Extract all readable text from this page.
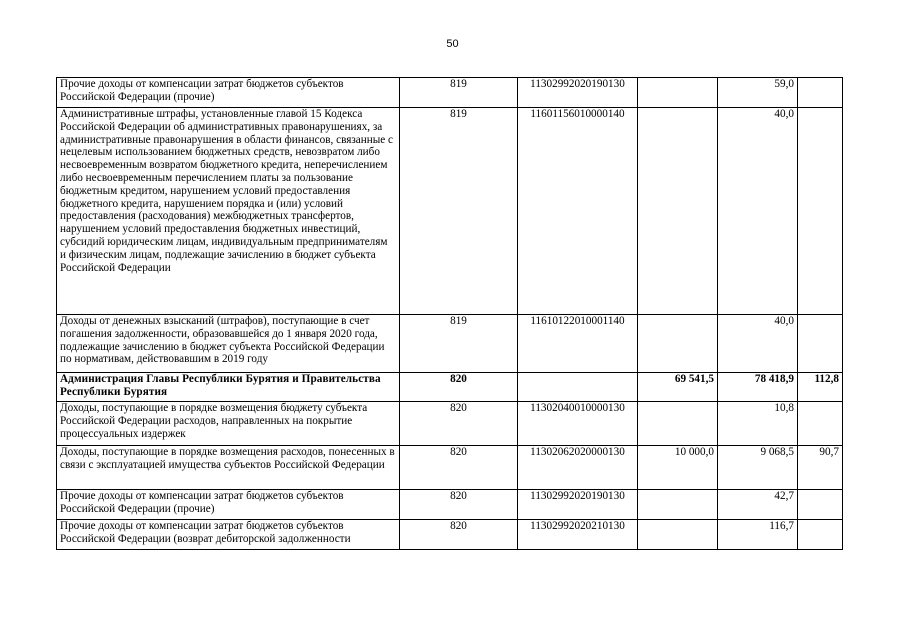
50
Прочие доходы от компенсации затрат бюджетов субъектов Российской Федерации (прочие)	819	11302992020190130		59,0	
Административные штрафы, установленные главой 15 Кодекса Российской Федерации об административных правонарушениях, за административные правонарушения в области финансов, связанные с нецелевым использованием бюджетных средств, невозвратом либо несвоевременным возвратом бюджетного кредита, неперечислением либо несвоевременным перечислением платы за пользование бюджетным кредитом, нарушением условий предоставления бюджетного кредита, нарушением порядка и (или) условий предоставления (расходования) межбюджетных трансфертов, нарушением условий предоставления бюджетных инвестиций, субсидий юридическим лицам, индивидуальным предпринимателям и физическим лицам, подлежащие зачислению в бюджет субъекта Российской Федерации	819	11601156010000140		40,0	
Доходы от денежных взысканий (штрафов), поступающие в счет погашения задолженности, образовавшейся до 1 января 2020 года, подлежащие зачислению в бюджет субъекта Российской Федерации по нормативам, действовавшим в 2019 году	819	11610122010001140		40,0	
Администрация Главы Республики Бурятия и Правительства Республики Бурятия	820		69 541,5	78 418,9	112,8
Доходы, поступающие в порядке возмещения бюджету субъекта Российской Федерации расходов, направленных на покрытие процессуальных издержек	820	11302040010000130		10,8	
Доходы, поступающие в порядке возмещения расходов, понесенных в связи с эксплуатацией имущества субъектов Российской Федерации	820	11302062020000130	10 000,0	9 068,5	90,7
Прочие доходы от компенсации затрат бюджетов субъектов Российской Федерации (прочие)	820	11302992020190130		42,7	
Прочие доходы от компенсации затрат бюджетов субъектов Российской Федерации (возврат дебиторской задолженности	820	11302992020210130		116,7	
